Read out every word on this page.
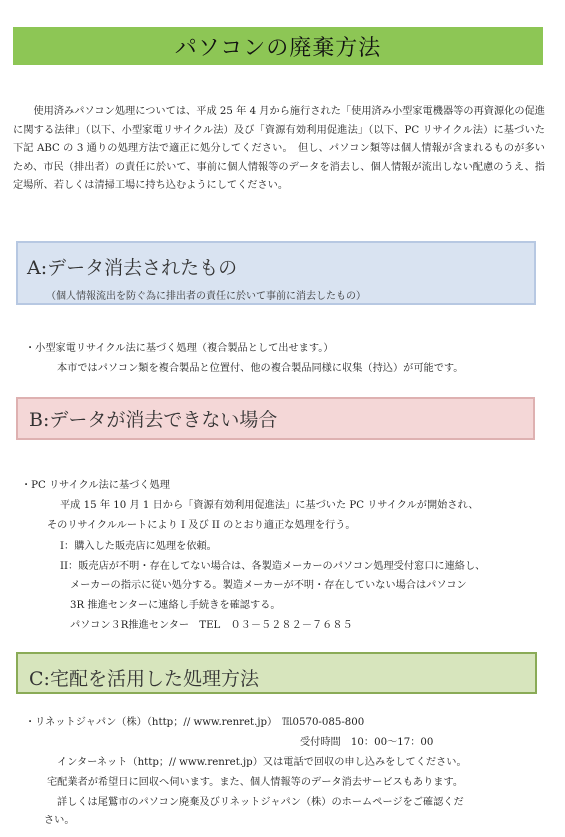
パソコンの廃棄方法
使用済みパソコン処理については、平成 25 年 4 月から施行された「使用済み小型家電機器等の再資源化の促進に関する法律」（以下、小型家電リサイクル法）及び「資源有効利用促進法」（以下、PC リサイクル法）に基づいた下記 ABC の 3 通りの処理方法で適正に処分してください。　但し、パソコン類等は個人情報が含まれるものが多いため、市民（排出者）の責任に於いて、事前に個人情報等のデータを消去し、個人情報が流出しない配慮のうえ、指定場所、若しくは清掃工場に持ち込むようにしてください。
A:データ消去されたもの
（個人情報流出を防ぐ為に排出者の責任に於いて事前に消去したもの）
・小型家電リサイクル法に基づく処理（複合製品として出せます。）
本市ではパソコン類を複合製品と位置付、他の複合製品同様に収集（持込）が可能です。
B:データが消去できない場合
・PC リサイクル法に基づく処理
平成 15 年 10 月 1 日から「資源有効利用促進法」に基づいた PC リサイクルが開始され、
そのリサイクルルートにより I 及び II のとおり適正な処理を行う。
I：購入した販売店に処理を依頼。
II：販売店が不明・存在してない場合は、各製造メーカーのパソコン処理受付窓口に連絡し、
メーカーの指示に従い処分する。製造メーカーが不明・存在していない場合はパソコン
3R 推進センターに連絡し手続きを確認する。
パソコン３R推進センター　TEL　０３－５２８２－７６８５
C:宅配を活用した処理方法
・リネットジャパン（株）（http；// www.renret.jp）　℡0570-085-800
受付時間　10：00～17：00
インターネット（http；// www.renret.jp）又は電話で回収の申し込みをしてください。
宅配業者が希望日に回収へ伺います。また、個人情報等のデータ消去サービスもあります。
詳しくは尾鷲市のパソコン廃棄及びリネットジャパン（株）のホームページをご確認くだ
さい。
